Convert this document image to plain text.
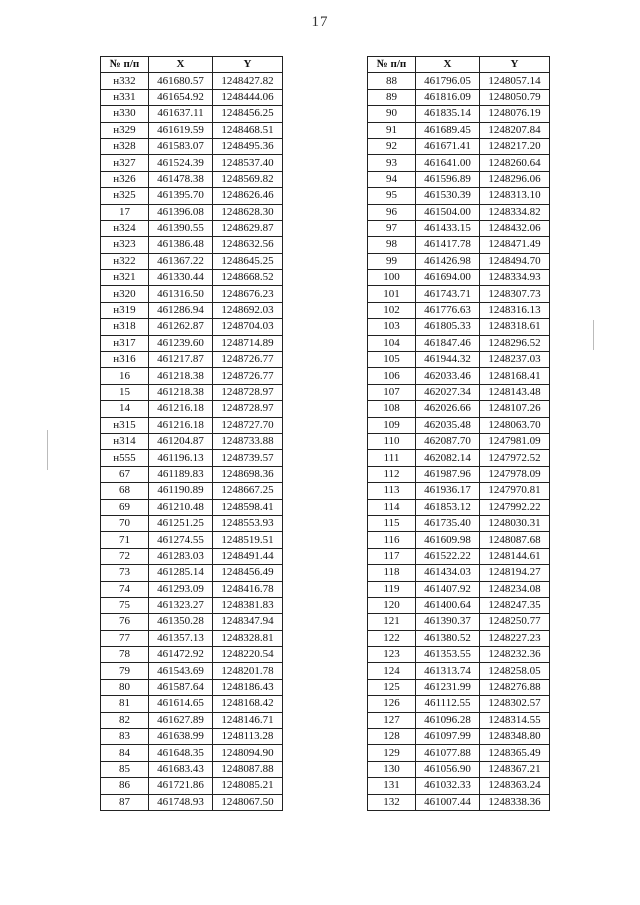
17
№ п/п	X	Y
н332	461680.57	1248427.82
н331	461654.92	1248444.06
н330	461637.11	1248456.25
н329	461619.59	1248468.51
н328	461583.07	1248495.36
н327	461524.39	1248537.40
н326	461478.38	1248569.82
н325	461395.70	1248626.46
17	461396.08	1248628.30
н324	461390.55	1248629.87
н323	461386.48	1248632.56
н322	461367.22	1248645.25
н321	461330.44	1248668.52
н320	461316.50	1248676.23
н319	461286.94	1248692.03
н318	461262.87	1248704.03
н317	461239.60	1248714.89
н316	461217.87	1248726.77
16	461218.38	1248726.77
15	461218.38	1248728.97
14	461216.18	1248728.97
н315	461216.18	1248727.70
н314	461204.87	1248733.88
н555	461196.13	1248739.57
67	461189.83	1248698.36
68	461190.89	1248667.25
69	461210.48	1248598.41
70	461251.25	1248553.93
71	461274.55	1248519.51
72	461283.03	1248491.44
73	461285.14	1248456.49
74	461293.09	1248416.78
75	461323.27	1248381.83
76	461350.28	1248347.94
77	461357.13	1248328.81
78	461472.92	1248220.54
79	461543.69	1248201.78
80	461587.64	1248186.43
81	461614.65	1248168.42
82	461627.89	1248146.71
83	461638.99	1248113.28
84	461648.35	1248094.90
85	461683.43	1248087.88
86	461721.86	1248085.21
87	461748.93	1248067.50
№ п/п	X	Y
88	461796.05	1248057.14
89	461816.09	1248050.79
90	461835.14	1248076.19
91	461689.45	1248207.84
92	461671.41	1248217.20
93	461641.00	1248260.64
94	461596.89	1248296.06
95	461530.39	1248313.10
96	461504.00	1248334.82
97	461433.15	1248432.06
98	461417.78	1248471.49
99	461426.98	1248494.70
100	461694.00	1248334.93
101	461743.71	1248307.73
102	461776.63	1248316.13
103	461805.33	1248318.61
104	461847.46	1248296.52
105	461944.32	1248237.03
106	462033.46	1248168.41
107	462027.34	1248143.48
108	462026.66	1248107.26
109	462035.48	1248063.70
110	462087.70	1247981.09
111	462082.14	1247972.52
112	461987.96	1247978.09
113	461936.17	1247970.81
114	461853.12	1247992.22
115	461735.40	1248030.31
116	461609.98	1248087.68
117	461522.22	1248144.61
118	461434.03	1248194.27
119	461407.92	1248234.08
120	461400.64	1248247.35
121	461390.37	1248250.77
122	461380.52	1248227.23
123	461353.55	1248232.36
124	461313.74	1248258.05
125	461231.99	1248276.88
126	461112.55	1248302.57
127	461096.28	1248314.55
128	461097.99	1248348.80
129	461077.88	1248365.49
130	461056.90	1248367.21
131	461032.33	1248363.24
132	461007.44	1248338.36
